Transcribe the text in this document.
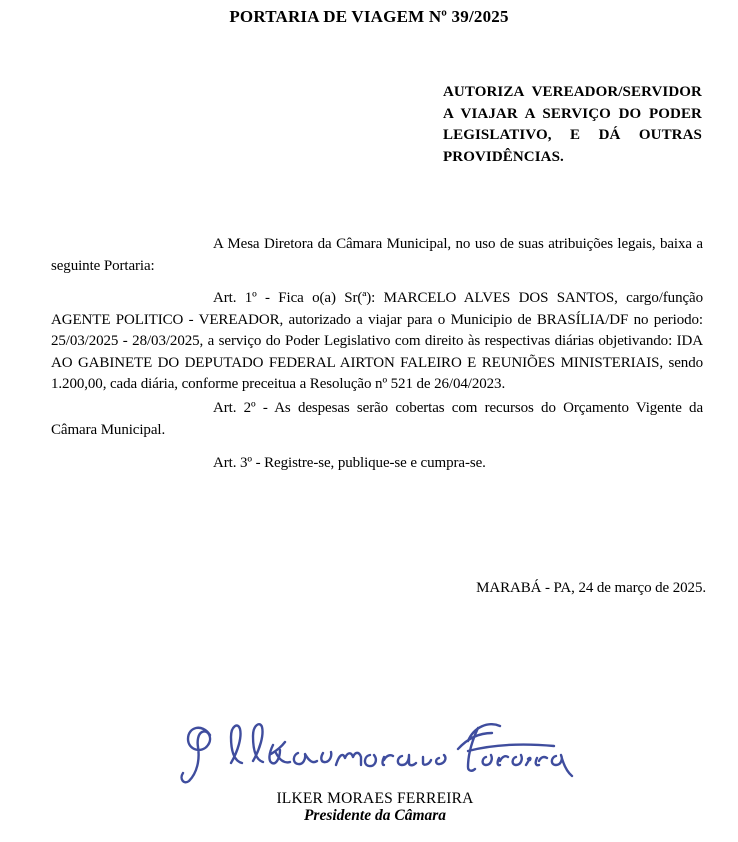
PORTARIA DE VIAGEM Nº 39/2025

AUTORIZA VEREADOR/SERVIDOR A VIAJAR A SERVIÇO DO PODER LEGISLATIVO, E DÁ OUTRAS PROVIDÊNCIAS.

A Mesa Diretora da Câmara Municipal, no uso de suas atribuições legais, baixa a seguinte Portaria:

Art. 1º - Fica o(a) Sr(ª): MARCELO ALVES DOS SANTOS, cargo/função AGENTE POLITICO - VEREADOR, autorizado a viajar para o Municipio de BRASÍLIA/DF no periodo: 25/03/2025 - 28/03/2025, a serviço do Poder Legislativo com direito às respectivas diárias objetivando: IDA AO GABINETE DO DEPUTADO FEDERAL AIRTON FALEIRO E REUNIÕES MINISTERIAIS, sendo 1.200,00, cada diária, conforme preceitua a Resolução nº 521 de 26/04/2023.

Art. 2º - As despesas serão cobertas com recursos do Orçamento Vigente da Câmara Municipal.

Art. 3º - Registre-se, publique-se e cumpra-se.

MARABÁ - PA, 24 de março de 2025.

ILKER MORAES FERREIRA

Presidente da Câmara
